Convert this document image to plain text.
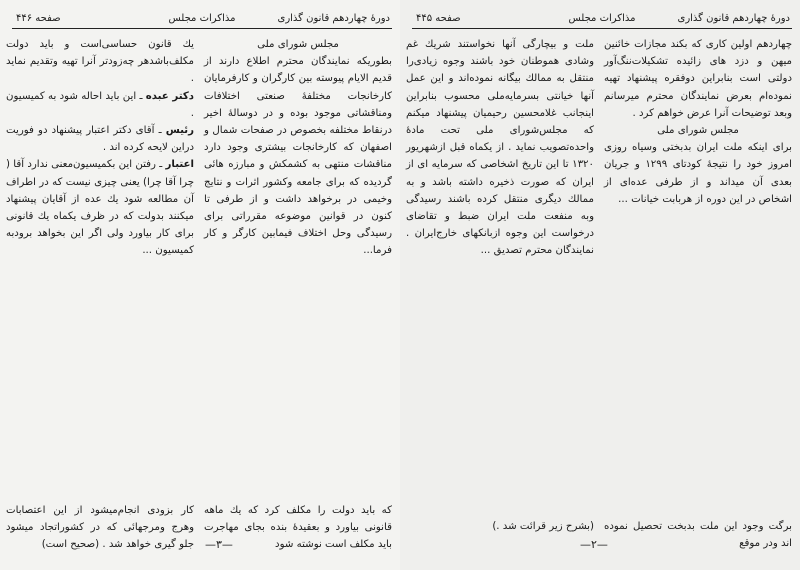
دورهٔ چهاردهم قانون گذاری
مذاکرات مجلس
صفحه ۴۴۶

مجلس شورای ملی

بطوریکه نمایندگان محترم اطلاع دارند از قدیم الایام پیوسته بین کارگران و کارفرمایان کارخانجات مختلفهٔ صنعتی اختلافات ومناقشاتی موجود بوده و در دوسالهٔ اخیر درنقاط مختلفه بخصوص در صفحات شمال و اصفهان که کارخانجات بیشتری وجود دارد مناقشات منتهی به کشمکش و مبارزه هائی گردیده که برای جامعه وکشور اثرات و نتایج وخیمی در برخواهد داشت و از طرفی تا کنون در قوانین موضوعه مقرراتی برای رسیدگی وحل اختلاف فیمابین کارگر و کار فرما...

یك قانون حساسی‌است و باید دولت مکلف‌باشدهر چه‌زودتر آنرا تهیه وتقدیم نماید .

دکتر عبده ـ این باید احاله شود به کمیسیون .

رئیس ـ آقای دکتر اعتبار پیشنهاد دو فوریت دراین لایحه کرده اند .

اعتبار ـ رفتن این بکمیسیون‌معنی ندارد آقا ( چرا آقا چرا) یعنی چیزی نیست که در اطراف آن مطالعه شود یك عده از آقایان پیشنهاد میکنند بدولت که در ظرف یکماه یك قانونی برای کار بیاورد ولی اگر این بخواهد برودبه کمیسیون ...

که باید دولت را مکلف کرد که یك ماهه قانونی بیاورد و بعقیدهٔ بنده بجای مهاجرت باید مکلف است نوشته شود
کار بزودی انجام‌میشود از این اعتصابات وهرج ومرجهائی که در کشوراتجاد میشود جلو گیری خواهد شد . (صحیح است) —٣—
دورهٔ چهاردهم قانون گذاری
مذاکرات مجلس
صفحه ۴۴۵

چهاردهم اولین کاری که بکند مجازات خائنین میهن و دزد های زائیده تشکیلات‌ننگ‌آور دولتی است بنابراین دوفقره پیشنهاد تهیه نموده‌ام بعرض نمایندگان محترم میرسانم وبعد توضیحات آنرا عرض خواهم کرد .

مجلس شورای ملی

برای اینکه ملت ایران بدبختی وسیاه روزی امروز خود را نتیجهٔ کودتای ۱۲۹۹ و جریان بعدی آن میداند و از طرفی عده‌ای از اشخاص در این دوره از هربابت خیانات ...

ملت و بیچارگی آنها نخواستند شریك غم وشادی هموطنان خود باشند وجوه زیادی‌را منتقل به ممالك بیگانه نموده‌اند و این عمل آنها خیانتی بسرمایه‌ملی محسوب بنابراین اینجانب غلامحسین رحیمیان پیشنهاد میکنم که مجلس‌شورای ملی تحت مادهٔ واحده‌تصویب نماید . از یکماه قبل ازشهریور ۱۳۲۰ تا این تاریخ اشخاصی که سرمایه ای از ایران که صورت ذخیره داشته باشد و به ممالك دیگری منتقل کرده باشند رسیدگی وبه منفعت ملت ایران ضبط و تقاضای درخواست این وجوه ازبانکهای خارج‌ایران . نمایندگان محترم تصدیق ...

برگت وجود این ملت بدبخت تحصیل نموده اند ودر موقع
(بشرح زیر قرائت شد .)
—٢—
